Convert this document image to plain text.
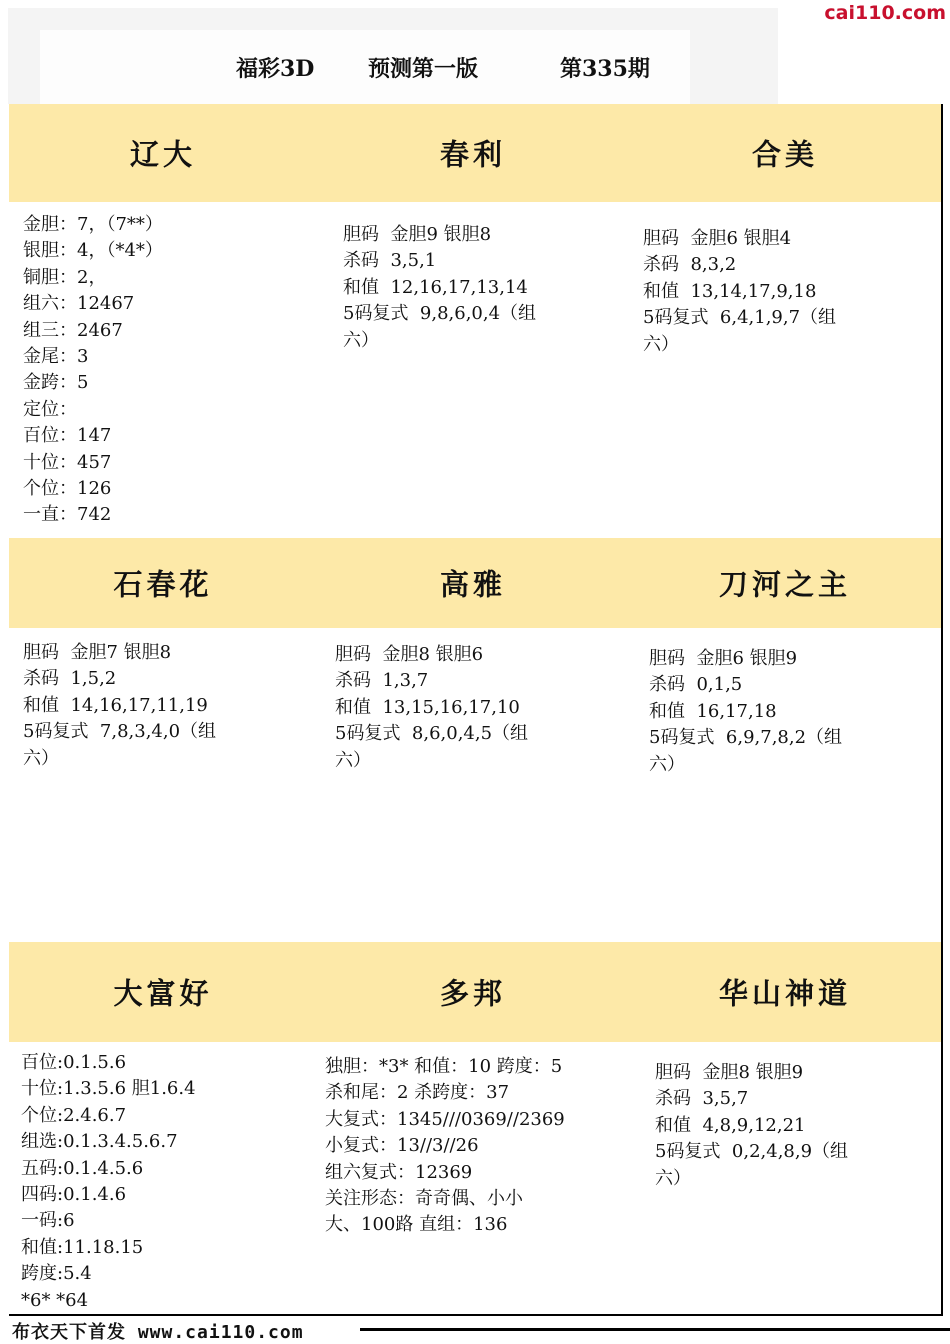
cai110.com
福彩3D 预测第一版	第335期
辽大
金胆：7，（7**）
银胆：4，（*4*）
铜胆：2，
组六：12467
组三：2467
金尾：3
金跨：5
定位：
百位：147
十位：457
个位：126
一直：742
春利
胆码  金胆9 银胆8
杀码  3,5,1
和值  12,16,17,13,14
5码复式  9,8,6,0,4（组
六）
合美
胆码  金胆6 银胆4
杀码  8,3,2
和值  13,14,17,9,18
5码复式  6,4,1,9,7（组
六）
石春花
胆码  金胆7 银胆8
杀码  1,5,2
和值  14,16,17,11,19
5码复式  7,8,3,4,0（组
六）
高雅
胆码  金胆8 银胆6
杀码  1,3,7
和值  13,15,16,17,10
5码复式  8,6,0,4,5（组
六）
刀河之主
胆码  金胆6 银胆9
杀码  0,1,5
和值  16,17,18
5码复式  6,9,7,8,2（组
六）
大富好
百位:0.1.5.6
十位:1.3.5.6 胆1.6.4
个位:2.4.6.7
组选:0.1.3.4.5.6.7
五码:0.1.4.5.6
四码:0.1.4.6
一码:6
和值:11.18.15
跨度:5.4
*6* *64
多邦
独胆：*3* 和值：10 跨度：5
杀和尾：2 杀跨度：37
大复式：1345///0369//2369
小复式：13//3//26
组六复式：12369
关注形态：奇奇偶、小小
大、100路 直组：136
华山神道
胆码  金胆8 银胆9
杀码  3,5,7
和值  4,8,9,12,21
5码复式  0,2,4,8,9（组
六）
布衣天下首发 www.cai110.com
